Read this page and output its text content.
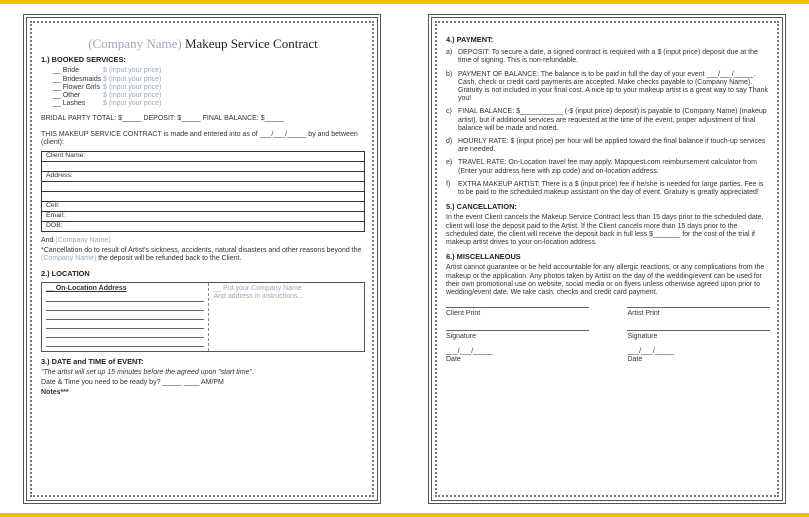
(Company Name) Makeup Service Contract
1.) BOOKED SERVICES:
__ Bride	$ (input your price)
__ Bridesmaids $ (input your price)
__ Flower Girls $ (input your price)
__ Other	$ (input your price)
__ Lashes	$ (input your price)
BRIDAL PARTY TOTAL: $_____ DEPOSIT: $_____ FINAL BALANCE: $_____
THIS MAKEUP SERVICE CONTRACT is made and entered into as of ___/___/_____ by and between (client):
Client Name:

Address:

Cell:
Email:
DOB:
And (Company Name)
*Cancellation do to result of Artist's sickness, accidents, natural disasters and other reasons beyond the (Company Name) the deposit will be refunded back to the Client.
2.) LOCATION
__ On-Location Address	__ Put your Company Name
And address in instructions...
3.) DATE and TIME of EVENT:
"The artist will set up 15 minutes before the agreed upon "start time".
Date & Time you need to be ready by? _____ ____ AM/PM
Notes***
4.) PAYMENT:
a) DEPOSIT: To secure a date, a signed contract is required with a $ (input price) deposit due at the time of signing. This is non-refundable.
b) PAYMENT OF BALANCE: The balance is to be paid in full the day of your event ___/___/_____. Cash, check or credit card payments are accepted. Make checks payable to (Company Name). Gratuity is not included in your final cost. A nice tip to your makeup artist is a great way to say Thank you!
c) FINAL BALANCE: $___________ (-$ (input price) deposit) is payable to (Company Name) (makeup artist), but if additional services are requested at the time of the event, proper adjustment of final balance will be made and noted.
d) HOURLY RATE: $ (input price) per hour will be applied toward the final balance if touch-up services are needed.
e) TRAVEL RATE: On-Location travel fee may apply. Mapquest.com reimbursement calculator from (Enter your address here with zip code) and on-location address.
f)	EXTRA MAKEUP ARTIST: There is a $ (input price) fee if he/she is needed for large parties. Fee is to be paid to the scheduled makeup assistant on the day of event. Gratuity is greatly appreciated!
5.) CANCELLATION:
In the event Client cancels the Makeup Service Contract less than 15 days prior to the scheduled date, client will lose the deposit paid to the Artist. If the Client cancels more than 15 days prior to the scheduled date, the client will receive the deposit back in full less $_______ for the cost of the trial if makeup artist drives to your on-location address.
6.) MISCELLANEOUS
Artist cannot guarantee or be held accountable for any allergic reactions, or any complications from the makeup or the application. Any photos taken by Artist on the day of the wedding/event can be used for their own promotional use on website, social media or on flyers unless otherwise agreed upon prior to wedding/event date. We take cash, checks and credit card payment.
Client Print	Artist Print
Signature	Signature
___/___/_____
Date
___/___/_____
Date
